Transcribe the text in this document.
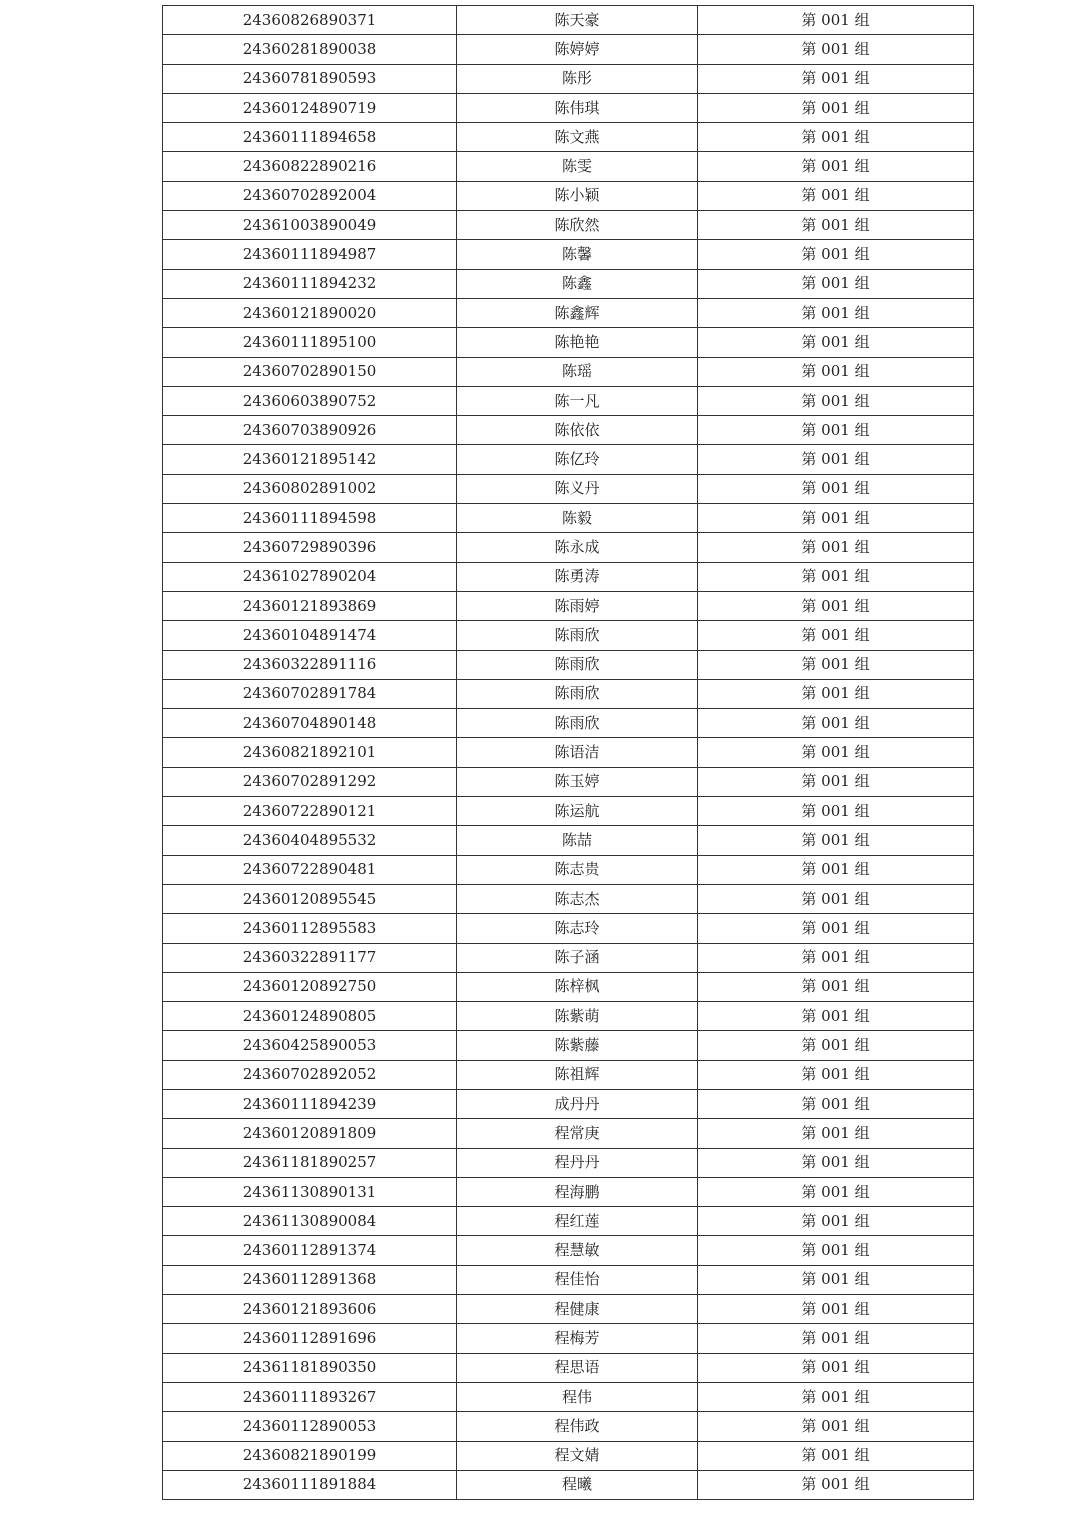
24360826890371	陈天豪	第 001 组
24360281890038	陈婷婷	第 001 组
24360781890593	陈彤	第 001 组
24360124890719	陈伟琪	第 001 组
24360111894658	陈文燕	第 001 组
24360822890216	陈雯	第 001 组
24360702892004	陈小颖	第 001 组
24361003890049	陈欣然	第 001 组
24360111894987	陈馨	第 001 组
24360111894232	陈鑫	第 001 组
24360121890020	陈鑫辉	第 001 组
24360111895100	陈艳艳	第 001 组
24360702890150	陈瑶	第 001 组
24360603890752	陈一凡	第 001 组
24360703890926	陈依依	第 001 组
24360121895142	陈亿玲	第 001 组
24360802891002	陈义丹	第 001 组
24360111894598	陈毅	第 001 组
24360729890396	陈永成	第 001 组
24361027890204	陈勇涛	第 001 组
24360121893869	陈雨婷	第 001 组
24360104891474	陈雨欣	第 001 组
24360322891116	陈雨欣	第 001 组
24360702891784	陈雨欣	第 001 组
24360704890148	陈雨欣	第 001 组
24360821892101	陈语洁	第 001 组
24360702891292	陈玉婷	第 001 组
24360722890121	陈运航	第 001 组
24360404895532	陈喆	第 001 组
24360722890481	陈志贵	第 001 组
24360120895545	陈志杰	第 001 组
24360112895583	陈志玲	第 001 组
24360322891177	陈子涵	第 001 组
24360120892750	陈梓枫	第 001 组
24360124890805	陈紫萌	第 001 组
24360425890053	陈紫藤	第 001 组
24360702892052	陈祖辉	第 001 组
24360111894239	成丹丹	第 001 组
24360120891809	程常庚	第 001 组
24361181890257	程丹丹	第 001 组
24361130890131	程海鹏	第 001 组
24361130890084	程红莲	第 001 组
24360112891374	程慧敏	第 001 组
24360112891368	程佳怡	第 001 组
24360121893606	程健康	第 001 组
24360112891696	程梅芳	第 001 组
24361181890350	程思语	第 001 组
24360111893267	程伟	第 001 组
24360112890053	程伟政	第 001 组
24360821890199	程文婧	第 001 组
24360111891884	程曦	第 001 组
